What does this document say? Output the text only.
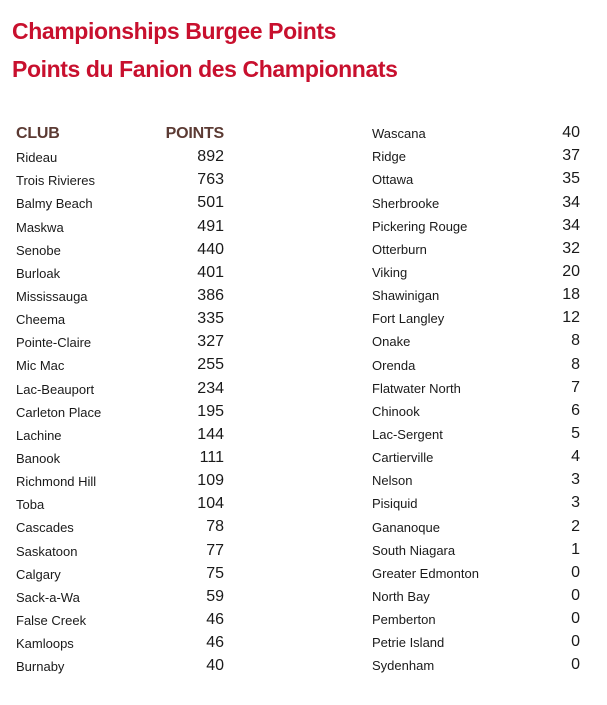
Championships Burgee Points
Points du Fanion des Championnats
CLUB	POINTS
Rideau	892
Trois Rivieres	763
Balmy Beach	501
Maskwa	491
Senobe	440
Burloak	401
Mississauga	386
Cheema	335
Pointe-Claire	327
Mic Mac	255
Lac-Beauport	234
Carleton Place	195
Lachine	144
Banook	111
Richmond Hill	109
Toba	104
Cascades	78
Saskatoon	77
Calgary	75
Sack-a-Wa	59
False Creek	46
Kamloops	46
Burnaby	40
Wascana	40
Ridge	37
Ottawa	35
Sherbrooke	34
Pickering Rouge	34
Otterburn	32
Viking	20
Shawinigan	18
Fort Langley	12
Onake	8
Orenda	8
Flatwater North	7
Chinook	6
Lac-Sergent	5
Cartierville	4
Nelson	3
Pisiquid	3
Gananoque	2
South Niagara	1
Greater Edmonton	0
North Bay	0
Pemberton	0
Petrie Island	0
Sydenham	0
